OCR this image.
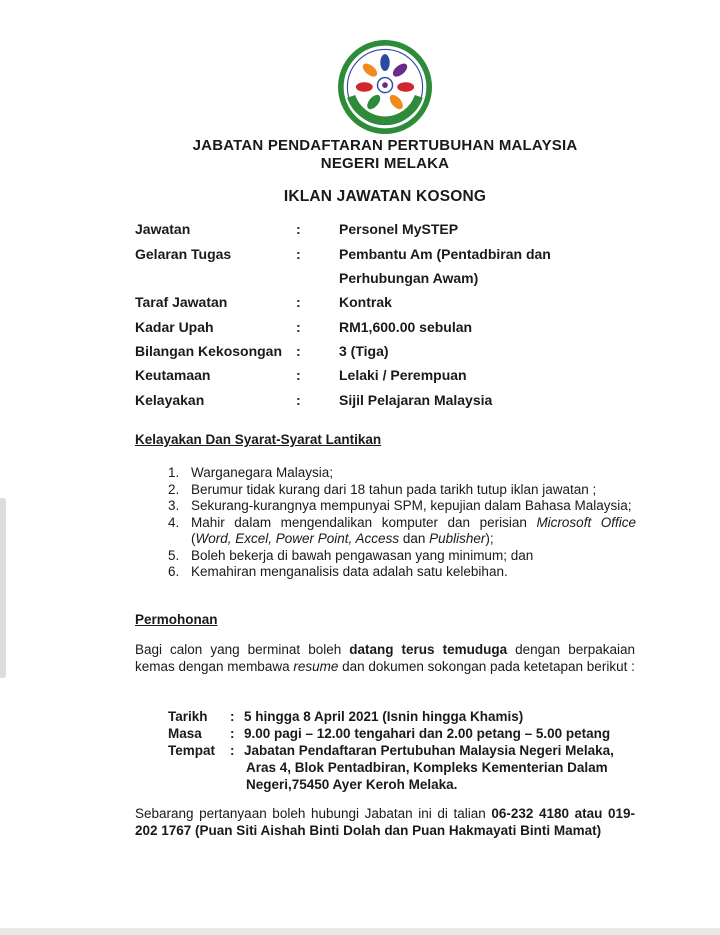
JABATAN PENDAFTARAN PERTUBUHAN MALAYSIA
NEGERI MELAKA
IKLAN JAWATAN KOSONG
Jawatan	:	Personel MySTEP
Gelaran Tugas	:	Pembantu Am (Pentadbiran dan
Perhubungan Awam)
Taraf Jawatan	:	Kontrak
Kadar Upah	:	RM1,600.00 sebulan
Bilangan Kekosongan :	3 (Tiga)
Keutamaan	:	Lelaki / Perempuan
Kelayakan	:	Sijil Pelajaran Malaysia
Kelayakan Dan Syarat-Syarat Lantikan
1. Warganegara Malaysia;
2. Berumur tidak kurang dari 18 tahun pada tarikh tutup iklan jawatan ;
3. Sekurang-kurangnya mempunyai SPM, kepujian dalam Bahasa Malaysia;
4. Mahir dalam mengendalikan komputer dan perisian Microsoft Office (Word, Excel, Power Point, Access dan Publisher);
5. Boleh bekerja di bawah pengawasan yang minimum; dan
6. Kemahiran menganalisis data adalah satu kelebihan.
Permohonan
Bagi calon yang berminat boleh datang terus temuduga dengan berpakaian kemas dengan membawa resume dan dokumen sokongan pada ketetapan berikut :
Tarikh : 5 hingga 8 April 2021 (Isnin hingga Khamis)
Masa : 9.00 pagi – 12.00 tengahari dan 2.00 petang – 5.00 petang
Tempat : Jabatan Pendaftaran Pertubuhan Malaysia Negeri Melaka,
Aras 4, Blok Pentadbiran, Kompleks Kementerian Dalam
Negeri,75450 Ayer Keroh Melaka.
Sebarang pertanyaan boleh hubungi Jabatan ini di talian 06-232 4180 atau 019-202 1767 (Puan Siti Aishah Binti Dolah dan Puan Hakmayati Binti Mamat)
